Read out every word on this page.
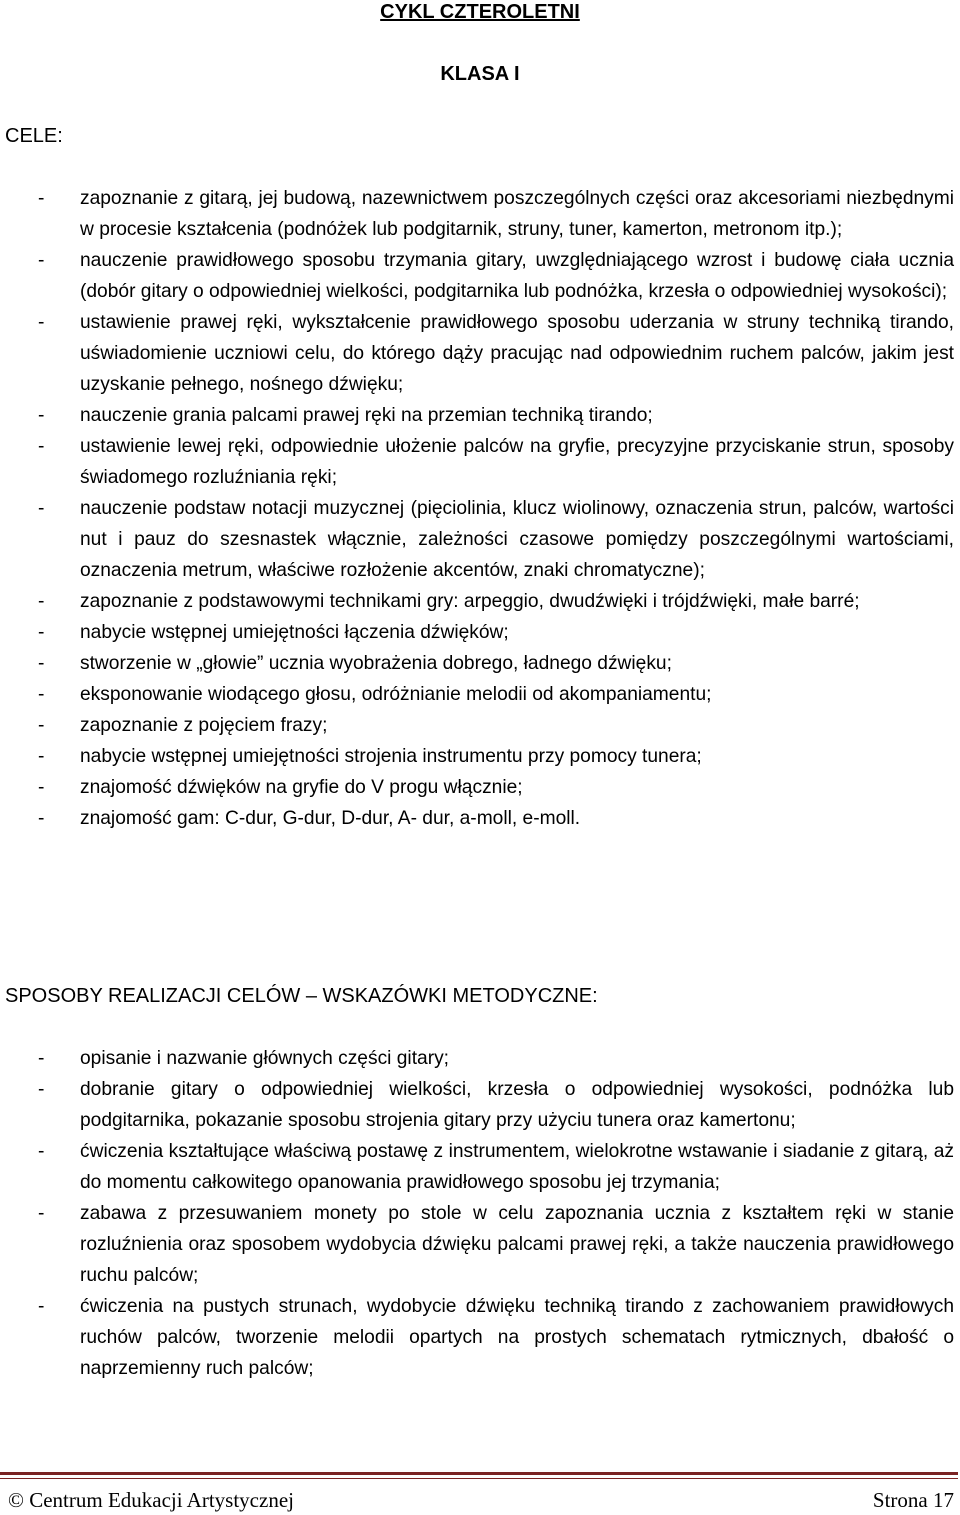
CYKL CZTEROLETNI
KLASA I
CELE:
- zapoznanie z gitarą, jej budową, nazewnictwem poszczególnych części oraz akcesoriami niezbędnymi w procesie kształcenia (podnóżek lub podgitarnik, struny, tuner, kamerton, metronom itp.);
- nauczenie prawidłowego sposobu trzymania gitary, uwzględniającego wzrost i budowę ciała ucznia (dobór gitary o odpowiedniej wielkości, podgitarnika lub podnóżka, krzesła o odpowiedniej wysokości);
- ustawienie prawej ręki, wykształcenie prawidłowego sposobu uderzania w struny techniką tirando, uświadomienie uczniowi celu, do którego dąży pracując nad odpowiednim ruchem palców, jakim jest uzyskanie pełnego, nośnego dźwięku;
- nauczenie grania palcami prawej ręki na przemian techniką tirando;
- ustawienie lewej ręki, odpowiednie ułożenie palców na gryfie, precyzyjne przyciskanie strun, sposoby świadomego rozluźniania ręki;
- nauczenie podstaw notacji muzycznej (pięciolinia, klucz wiolinowy, oznaczenia strun, palców, wartości nut i pauz do szesnastek włącznie, zależności czasowe pomiędzy poszczególnymi wartościami, oznaczenia metrum, właściwe rozłożenie akcentów, znaki chromatyczne);
- zapoznanie z podstawowymi technikami gry: arpeggio, dwudźwięki i trójdźwięki, małe barré;
- nabycie wstępnej umiejętności łączenia dźwięków;
- stworzenie w „głowie” ucznia wyobrażenia dobrego, ładnego dźwięku;
- eksponowanie wiodącego głosu, odróżnianie melodii od akompaniamentu;
- zapoznanie z pojęciem frazy;
- nabycie wstępnej umiejętności strojenia instrumentu przy pomocy tunera;
- znajomość dźwięków na gryfie do V progu włącznie;
- znajomość gam: C-dur, G-dur, D-dur, A- dur, a-moll, e-moll.
SPOSOBY REALIZACJI CELÓW – WSKAZÓWKI METODYCZNE:
- opisanie i nazwanie głównych części gitary;
- dobranie gitary o odpowiedniej wielkości, krzesła o odpowiedniej wysokości, podnóżka lub podgitarnika, pokazanie sposobu strojenia gitary przy użyciu tunera oraz kamertonu;
- ćwiczenia kształtujące właściwą postawę z instrumentem, wielokrotne wstawanie i siadanie z gitarą, aż do momentu całkowitego opanowania prawidłowego sposobu jej trzymania;
- zabawa z przesuwaniem monety po stole w celu zapoznania ucznia z kształtem ręki w stanie rozluźnienia oraz sposobem wydobycia dźwięku palcami prawej ręki, a także nauczenia prawidłowego ruchu palców;
- ćwiczenia na pustych strunach, wydobycie dźwięku techniką tirando z zachowaniem prawidłowych ruchów palców, tworzenie melodii opartych na prostych schematach rytmicznych, dbałość o naprzemienny ruch palców;
© Centrum Edukacji Artystycznej	Strona 17
